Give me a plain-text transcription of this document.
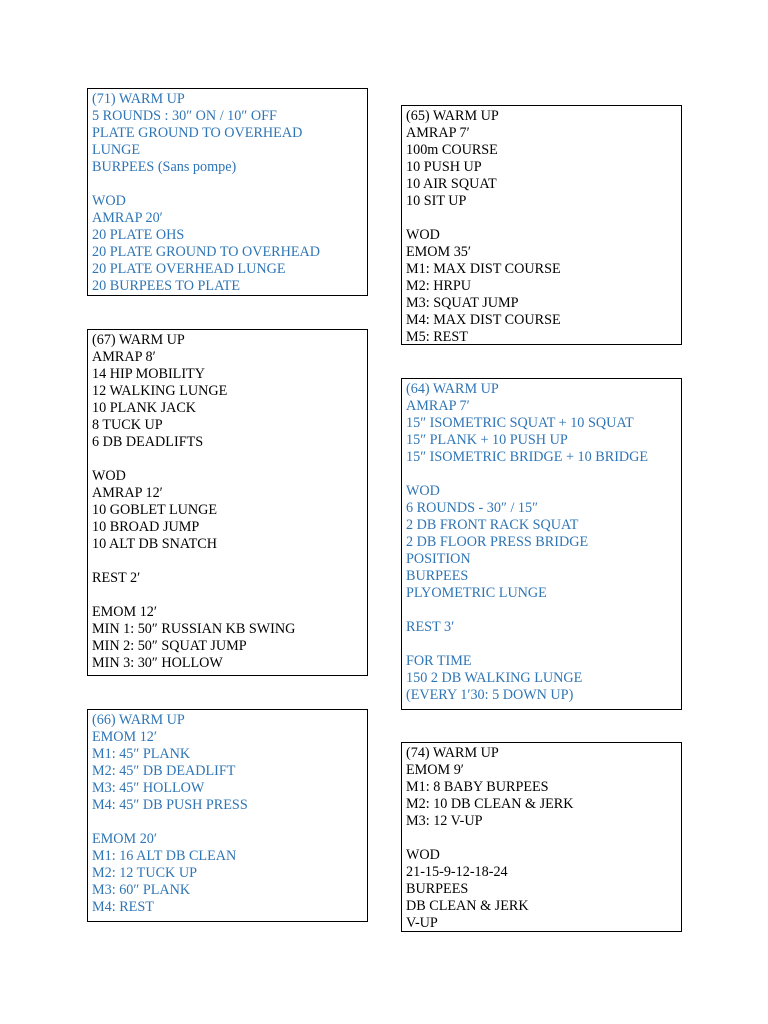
(71) WARM UP
5 ROUNDS : 30″ ON / 10″ OFF
PLATE GROUND TO OVERHEAD
LUNGE
BURPEES (Sans pompe)
WOD
AMRAP 20′
20 PLATE OHS
20 PLATE GROUND TO OVERHEAD
20 PLATE OVERHEAD LUNGE
20 BURPEES TO PLATE
(67) WARM UP
AMRAP 8′
14 HIP MOBILITY
12 WALKING LUNGE
10 PLANK JACK
8 TUCK UP
6 DB DEADLIFTS
WOD
AMRAP 12′
10 GOBLET LUNGE
10 BROAD JUMP
10 ALT DB SNATCH
REST 2′
EMOM 12′
MIN 1: 50″ RUSSIAN KB SWING
MIN 2: 50″ SQUAT JUMP
MIN 3: 30″ HOLLOW
(66) WARM UP
EMOM 12′
M1: 45″ PLANK
M2: 45″ DB DEADLIFT
M3: 45″ HOLLOW
M4: 45″ DB PUSH PRESS
EMOM 20′
M1: 16 ALT DB CLEAN
M2: 12 TUCK UP
M3: 60″ PLANK
M4: REST
(65) WARM UP
AMRAP 7′
100m COURSE
10 PUSH UP
10 AIR SQUAT
10 SIT UP
WOD
EMOM 35′
M1: MAX DIST COURSE
M2: HRPU
M3: SQUAT JUMP
M4: MAX DIST COURSE
M5: REST
(64) WARM UP
AMRAP 7′
15″ ISOMETRIC SQUAT + 10 SQUAT
15″ PLANK + 10 PUSH UP
15″ ISOMETRIC BRIDGE + 10 BRIDGE
WOD
6 ROUNDS - 30″ / 15″
2 DB FRONT RACK SQUAT
2 DB FLOOR PRESS BRIDGE
POSITION
BURPEES
PLYOMETRIC LUNGE
REST 3′
FOR TIME
150 2 DB WALKING LUNGE
(EVERY 1′30: 5 DOWN UP)
(74) WARM UP
EMOM 9′
M1: 8 BABY BURPEES
M2: 10 DB CLEAN & JERK
M3: 12 V-UP
WOD
21-15-9-12-18-24
BURPEES
DB CLEAN & JERK
V-UP
